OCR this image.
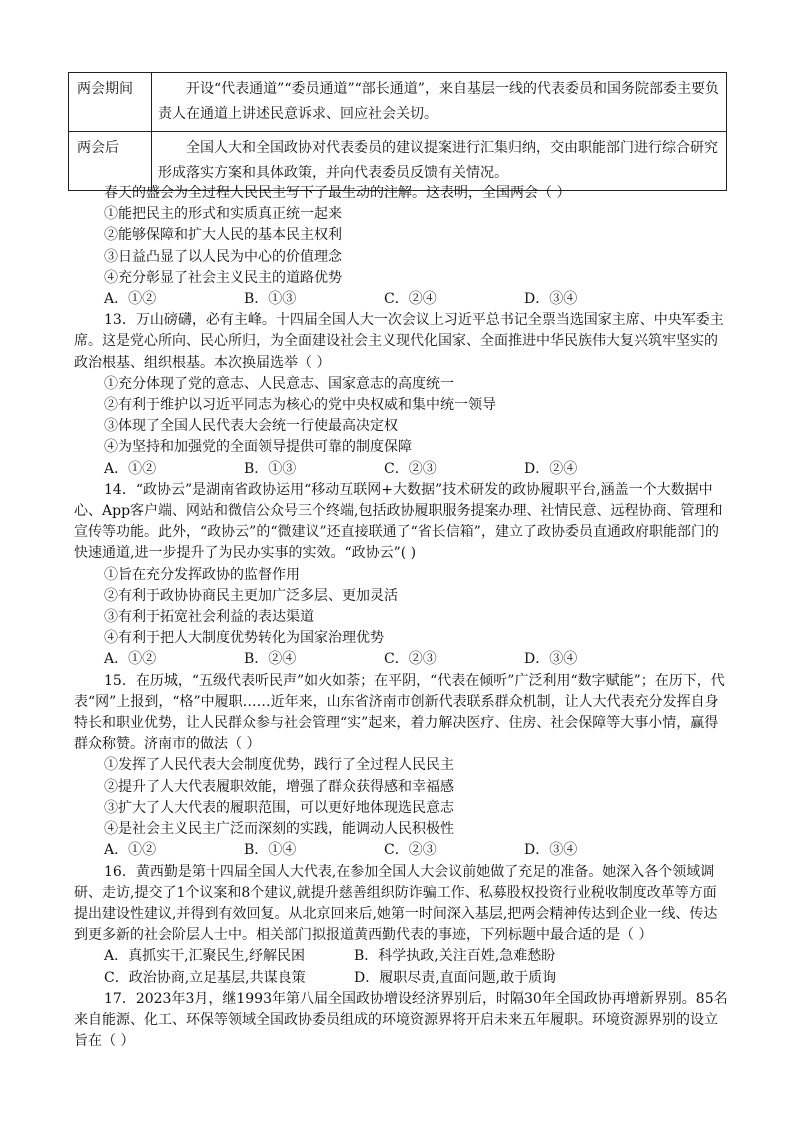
两会期间	开设“代表通道”“委员通道”“部长通道”，来自基层一线的代表委员和国务院部委主要负责人在通道上讲述民意诉求、回应社会关切。
两会后	全国人大和全国政协对代表委员的建议提案进行汇集归纳，交由职能部门进行综合研究形成落实方案和具体政策，并向代表委员反馈有关情况。

春天的盛会为全过程人民民主写下了最生动的注解。这表明，全国两会（ ）

①能把民主的形式和实质真正统一起来

②能够保障和扩大人民的基本民主权利

③日益凸显了以人民为中心的价值理念

④充分彰显了社会主义民主的道路优势

A．①②	B．①③	C．②④	D．③④

13．万山磅礴，必有主峰。十四届全国人大一次会议上习近平总书记全票当选国家主席、中央军委主席。这是党心所向、民心所归，为全面建设社会主义现代化国家、全面推进中华民族伟大复兴筑牢坚实的政治根基、组织根基。本次换届选举（ ）

①充分体现了党的意志、人民意志、国家意志的高度统一

②有利于维护以习近平同志为核心的党中央权威和集中统一领导

③体现了全国人民代表大会统一行使最高决定权

④为坚持和加强党的全面领导提供可靠的制度保障

A．①②	B．①③	C．②③	D．②④

14．“政协云”是湖南省政协运用“移动互联网+大数据”技术研发的政协履职平台,涵盖一个大数据中心、App客户端、网站和微信公众号三个终端,包括政协履职服务提案办理、社情民意、远程协商、管理和宣传等功能。此外，“政协云”的“微建议”还直接联通了“省长信箱”，建立了政协委员直通政府职能部门的快速通道,进一步提升了为民办实事的实效。“政协云”( )

①旨在充分发挥政协的监督作用

②有利于政协协商民主更加广泛多层、更加灵活

③有利于拓宽社会利益的表达渠道

④有利于把人大制度优势转化为国家治理优势

A．①②	B．②④	C．②③	D．③④

15．在历城，“五级代表听民声”如火如荼；在平阴，“代表在倾听”广泛利用“数字赋能”；在历下，代表“网”上报到，“格”中履职……近年来，山东省济南市创新代表联系群众机制，让人大代表充分发挥自身特长和职业优势，让人民群众参与社会管理“实”起来，着力解决医疗、住房、社会保障等大事小情，赢得群众称赞。济南市的做法（ ）

①发挥了人民代表大会制度优势，践行了全过程人民民主

②提升了人大代表履职效能，增强了群众获得感和幸福感

③扩大了人大代表的履职范围，可以更好地体现选民意志

④是社会主义民主广泛而深刻的实践，能调动人民积极性

A．①②	B．①④	C．②③	D．③④

16．黄西勤是第十四届全国人大代表,在参加全国人大会议前她做了充足的准备。她深入各个领域调研、走访,提交了1个议案和8个建议,就提升慈善组织防诈骗工作、私募股权投资行业税收制度改革等方面提出建设性建议,并得到有效回复。从北京回来后,她第一时间深入基层,把两会精神传达到企业一线、传达到更多新的社会阶层人士中。相关部门拟报道黄西勤代表的事迹，下列标题中最合适的是（ ）

A．真抓实干,汇聚民生,纾解民困	B．科学执政,关注百姓,急难愁盼

C．政治协商,立足基层,共谋良策	D．履职尽责,直面问题,敢于质询

17．2023年3月，继1993年第八届全国政协增设经济界别后，时隔30年全国政协再增新界别。85名来自能源、化工、环保等领域全国政协委员组成的环境资源界将开启未来五年履职。环境资源界别的设立旨在（ ）
